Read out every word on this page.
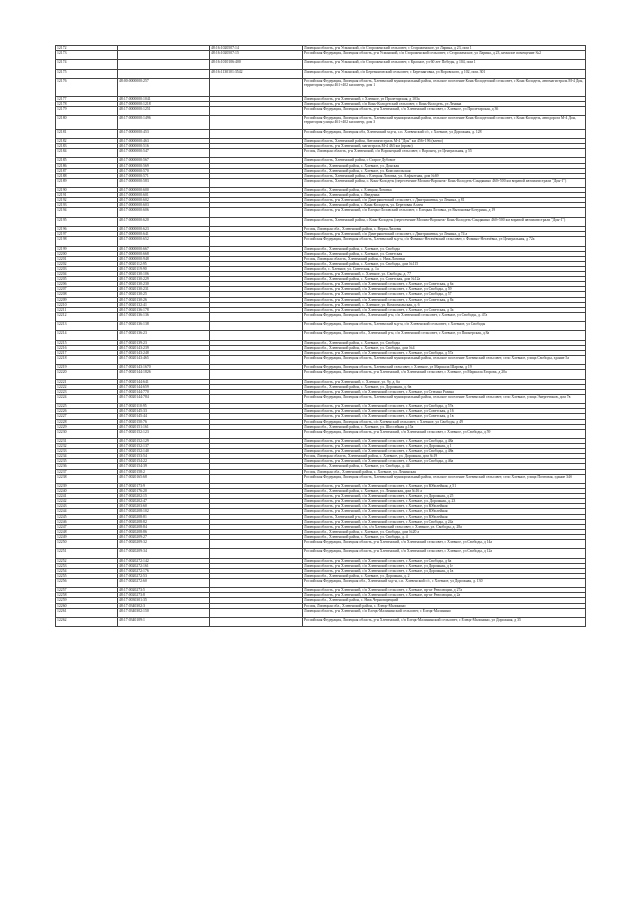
12172		48:16:1020507:14	Липецкая область, р-н Усманский, с/п Стороженский сельсовет, с Стороженское, ул Ларина, д 23, пом 1
12173		48:16:1020507:15	Российская Федерация, Липецкая область, р-н Усманский, с/п Стороженский сельсовет, с Стороженское, ул Ларина, д 23, нежилое помещение №2
12174		48:16:1010106:400	Липецкая область, р-н Усманский, с/п Стороженский сельсовет, с Красное, ул 60 лет Победы, д 104, пом 1
12175		48:16:1130101:3542	Липецкая область, р-н Усманский, с/п Березняговский сельсовет, с Березняговка, ул Воровского, д 102, пом. 301
12176	48:00:0000000:257		Российская Федерация, Липецкая область, Хлевенский муниципальный район, сельское поселение Конь-Колодезский сельсовет, с Конь-Колодезь, автомагистраль М-4 Дон, территория улицы 461+402 километр, дом 1
12177	48:17:0000000:1041		Липецкая область, р-н Хлевенский, с Хлевное, ул Пролетарская, д 103а
12178	48:17:0000000:1218		Липецкая область, р-н Хлевенский, с/п Конь-Колодезский сельсовет, с Конь-Колодезь, ул Ленина
12179	48:17:0000000:1251		Российская Федерация, Липецкая область, р-н Хлевенский, с/п Хлевенский сельсовет, с Хлевное, ул Пролетарская, д 36
12180	48:17:0000000:1496		Российская Федерация, Липецкая область, Хлевенский муниципальный район, сельское поселение Конь-Колодезский сельсовет, с Конь-Колодезь, автодорога М-4 Дон, территория улицы 461+402 километр, дом 3
12181	48:17:0000000:453		Российская Федерация, Липецкая обл, Хлевенский м.р-н, с.п. Хлевенский с/с, с Хлевное, ул Дорожная, д. 128
12182	48:17:0000000:463		Липецкая область, Хлевенский район, Автомагистраль М-4 "Дон" км 456+196 (влево)
12183	48:17:0000000:516		Липецкая область, р-н Хлевенский, магистраль М-4 463 км (право)
12184	48:17:0000000:547		Россия, Липецкая область, р-н Хлевенский, с/п Воронецкий сельсовет, с Воронец, ул Центральная, д 55
12185	48:17:0000000:567		Липецкая область, Хлевенский район, с Старое Дубовое
12186	48:17:0000000:569		Липецкая обл., Хлевенский район, с. Хлевное, ул. Донская
12187	48:17:0000000:570		Липецкая обл., Хлевенский район, с. Хлевное, ул. Комсомольская
12188	48:17:0000000:571		Липецкая область, Хлевенский район, с Елецкая Лозовка, ул. Алфызтная, дом №69
12189	48:17:0000000:583		Липецкая область, Хлевенский район, с. Конь-Колодезь (пересечение Москва-Воронеж- Конь-Колодезь-Синдякино 460+500 км вправой автомагистрали "Дон-1")
12190	48:17:0000000:600		Липецкая обл., Хлевенский район, с. Елецкая Лозовка
12191	48:17:0000000:601		Липецкая обл., Хлевенский район, с. Введенка
12192	48:17:0000000:602		Липецкая область, р-н Хлевенский, с/п Дмитряшевский сельсовет, с Дмитряшевка, ул Ленина, д 81
12193	48:17:0000000:603		Липецкая обл., Хлевенский район, с. Конь-Колодезь, ул. Березовая Аллея
12194	48:17:0000000:606		Липецкая область, р-н Хлевенский, с/п Елецко-Лозовский сельсовет, с Елецкая Лозовка, ул Вытоновка-Ботурина, д 19
12195	48:17:0000000:620		Липецкая область, Хлевенский район, с Конь-Колодезь (пересечение Москва-Воронеж- Конь-Колодезь-Синдякино 460+500 км вправой автомагистрали "Дон-1")
12196	48:17:0000000:623		Россия, Липецкая обл., Хлевенский район, с. Верхн.Лиловы
12197	48:17:0000000:641		Липецкая область, р-н Хлевенский, с/п Дмитряшевский сельсовет, с Дмитряшевка, ул Ленина, д 74 а
12198	48:17:0000000:652		Российская Федерация, Липецкая область, Хлевенский м.р-н, с/п Фомино-Негачёвский сельсовет, с Фомино-Негачёвка, ул Центральная, д 72а
12199	48:17:0000000:667		Липецкая обл., Хлевенский район, с. Хлевное, ул. Свободы
12200	48:17:0000000:668		Липецкая обл., Хлевенский район, с. Хлевное, ул. Советская
12201	48:17:0000000:948		Россия, Липецкая область, Хлевенский район, с. Ниж.Лазовки
12202	48:17:0020112:95		Липецкая обл., Хлевенский район, с. Хлевное, ул. Свободы, дом №115
12203	48:17:0020119:90		Липецкая обл, с. Хлевное, ул. Советская, д. 1а
12204	48:17:0020130:106		Липецкая область, р-н Хлевенский, с. Хлевное, ул. Свободы, д. 77
12205	48:17:0020130:229		Липецкая обл., Хлевенский район, с. Хлевное, ул. Советская, дом №12а
12206	48:17:0020130:230		Липецкая область, р-н Хлевенский, с/п Хлевенский сельсовет, с Хлевное, ул Советская, д 6а
12207	48:17:0020130:231		Липецкая область, р-н Хлевенский, с/п Хлевенский сельсовет, с Хлевное, ул Свободы, д 59
12208	48:17:0020130:25		Липецкая область, р-н Хлевенский, с/п Хлевенский сельсовет, с Хлевное, ул Свободы, д 57
12209	48:17:0020130:26		Липецкая область, р-н Хлевенский, с/п Хлевенский сельсовет, с Хлевное, ул Советская, д 8а
12210	48:17:0020132:41		Липецкая область, р-н Хлевенский, с. Хлевное, ул. Комсомольская, д. 6
12211	48:17:0020136:178		Липецкая область, р-н Хлевенский, с/п Хлевенский сельсовет, с Хлевное, ул Советская, д 3а
12212	48:17:0020136:136		Российская Федерация, Липецкая обл., Хлевенский р-н, с/п Хлевенский сельсовет, с Хлевное, ул Свободы, д. 47а
12213	48:17:0020136:138		Российская Федерация, Липецкая область, Хлевенский м.р-н, с/п Хлевенский сельсовет, с Хлевное, ул Свободы
12214	48:17:0020136:23		Российская Федерация, Липецкая обл., Хлевенский р-н, с/п Хлевенский сельсовет, с Хлевное, ул Пионерская, д 8а
12215	48:17:0020139:23		Липецкая обл., Хлевенский район, с. Хлевное, ул. Свободы
12216	48:17:0020143:239		Липецкая обл., Хлевенский район, с. Хлевное, ул. Свободы, дом №4
12217	48:17:0020143:248		Липецкая область, р-н Хлевенский, с/п Хлевенский сельсовет, с Хлевное, ул Свободы, д 57а
12218	48:17:0020143:465		Российская Федерация, Липецкая область, Хлевенский муниципальный район, сельское поселение Хлевенский сельсовет, село Хлевное, улица Свободы, здание 5а
12219	48:17:0020143:1670		Российская Федерация, Липецкая область, Хлевенский сельсовет, с Хлевное, ул Маршала Шарова, д 19
12220	48:17:0020144:1826		Российская Федерация, Липецкая область, р-н Хлевенский, с/п Хлевенский сельсовет, с Хлевное, ул Маршала Егорова, д 20а
12221	48:17:0020144:641		Липецкая область, р-н Хлевенский, с. Хлевное, ул. 9у, д. 6а
12222	48:17:0020144:659		Липецкая обл., Хлевенский район, с. Хлевное, ул. Дорожная, д. 6в
12223	48:17:0020144:770		Липецкая область, р-н Хлевенский, с/п Хлевенский сельсовет, с Хлевное, ул Степана Разина
12224	48:17:0020144:784		Российская Федерация, Липецкая область, Хлевенский муниципальный район, сельское поселение Хлевенский сельсовет, село Хлевное, улица Энергетиков, дом 7в
12225	48:17:0020110:95		Липецкая область, р-н Хлевенский, с/п Хлевенский сельсовет, с Хлевное, ул Свободы, д 57в
12226	48:17:0020145:33		Липецкая область, р-н Хлевенский, с/п Хлевенский сельсовет, с Хлевное, ул Советская, д 16
12227	48:17:0020145:44		Липецкая область, р-н Хлевенский, с/п Хлевенский сельсовет, с Хлевное, ул Советская, д 1в
12228	48:17:0020150:76		Российская Федерация, Липецкая область, с/п Хлевенский сельсовет, с Хлевное, ул Свободы, д 49
12229	48:17:0020151:161		Липецкая обл., Хлевенский район, с. Хлевное, ул. Шоссейная д.15а
12230	48:17:0020152:123		Российская Федерация, Липецкая область, р-н Хлевенский, с/п Хлевенский сельсовет, с Хлевное, ул Свободы, д 59
12231	48:17:0020152:129		Липецкая область, р-н Хлевенский, с/п Хлевенский сельсовет, с Хлевное, ул Свободы, д 48а
12232	48:17:0020152:137		Липецкая область, р-н Хлевенский, с/п Хлевенский сельсовет, с Хлевное, ул Дорожная, д 1
12233	48:17:0020152:140		Липецкая область, р-н Хлевенский, с/п Хлевенский сельсовет, с Хлевное, ул Свободы, д 48в
12234	48:17:0020153:54		Россия, Липецкая область, Хлевенский район, с. Хлевное, ул. Дорожная, дом №19
12235	48:17:0020154:22		Липецкая область, р-н Хлевенский, с/п Хлевенский сельсовет, с Хлевное, ул Свободы, д 46а
12236	48:17:0020154:39		Липецкая обл., Хлевенский район, с. Хлевное, ул. Свободы, д. 44
12237	48:17:0020158:2		Россия, Липецкая обл., Хлевенский район, с. Хлевное, ул. Ленинская
12238	48:17:0020165:68		Российская Федерация, Липецкая область, Хлевенский муниципальный район, сельское поселение Хлевенский сельсовет, село Хлевное, улица Почтовая, здание 34б
12239	48:17:0020173:9		Липецкая область, р-н Хлевенский, с/п Хлевенский сельсовет, с Хлевное, ул Юбилейная, д 51
12240	48:17:0020176:20		Липецкая обл., Хлевенский район, с. Хлевное, ул. Ленинская, дом №16 а
12241	48:17:0020202:15		Липецкая область, р-н Хлевенский, с/п Хлевенский сельсовет, с Хлевное, ул Дорожная, д 25
12242	48:17:0020202:47		Липецкая область, р-н Хлевенский, с/п Хлевенский сельсовет, с Хлевное, ул. Дорожная, д. 23
12243	48:17:0020203:60		Липецкая область, р-н Хлевенский, с/п Хлевенский сельсовет, с Хлевное, ул Юбилейная
12244	48:17:0020208:102		Липецкая область, р-н Хлевенский, с/п Хлевенский сельсовет, с Хлевное, ул Юбилейная
12245	48:17:0020208:81		Липецкая область, Хлевенский р-н, с/п Хлевенский сельсовет, с Хлевное, ул Юбилейная
12246	48:17:0020208:82		Липецкая область, р-н Хлевенский, с/п Хлевенский сельсовет, с Хлевное, ул Свободы, д 24а
12247	48:17:0020208:84		Липецкая область, р-н Хлевенский, с/п, с/п Хлевенский сельсовет, с Хлевное, ул. Свободы, д. 28а
12248	48:17:0020208:86		Липецкая обл., Хлевенский район, с. Хлевное, ул. Свободы, дом №20 а
12249	48:17:0020209:27		Липецкая обл., Хлевенский район, с. Хлевное, ул. Свободы, д. 4
12250	48:17:0020209:32		Российская Федерация, Липецкая область, р-н Хлевенский, с/п Хлевенский сельсовет, с Хлевное, ул Свободы, д 14а
12251	48:17:0020209:34		Российская Федерация, Липецкая область, р-н Хлевенский, с/п Хлевенский сельсовет, с Хлевное, ул Свободы, д 12а
12252	48:17:0020272:142		Липецкая область, р-н Хлевенский, с/п Хлевенский сельсовет, с Хлевное, ул Свободы, д 6а
12253	48:17:0020272:161		Липецкая область, р-н Хлевенский, с/п Хлевенский сельсовет, с Хлевное, ул Дорожная, д 1г
12254	48:17:0020272:176		Липецкая область, р-н Хлевенский, с/п Хлевенский сельсовет, с Хлевное, ул Дорожная, д 1в
12255	48:17:0020272:53		Липецкая обл., Хлевенский район, с. Хлевное, ул. Дорожная, д. 2
12256	48:17:0020272:60		Российская Федерация, Липецкая обл., Хлевенский м.р-н, с.п. Хлевенский с/с, с Хлевное, ул Дорожная, д. 130
12257	48:17:0020273:5		Липецкая область, р-н Хлевенский, с/п Хлевенский сельсовет, с Хлевное, пр-кт Революции, д 27а
12258	48:17:0020273:8		Липецкая область, р-н Хлевенский, с/п Хлевенский сельсовет, с Хлевное, пр-кт Революции, д 2а
12259	48:17:0030301:35		Липецкая обл., Хлевенский район, с. Ниж.Чернопорецкий
12260	48:17:0340302:3		Россия, Липецкая обл., Хлевенский район, с. Елецк-Малинино
12261	48:17:0340302:150		Липецкая область, р-н Хлевенский, с/п Елецк-Малининский сельсовет, с Елецк-Малинино
12262	48:17:0340109:1		Российская Федерация, Липецкая область, р-н Хлевенский, с/п Елецк-Малининский сельсовет, с Елецк-Малинино, ул Дорожная, д 35
